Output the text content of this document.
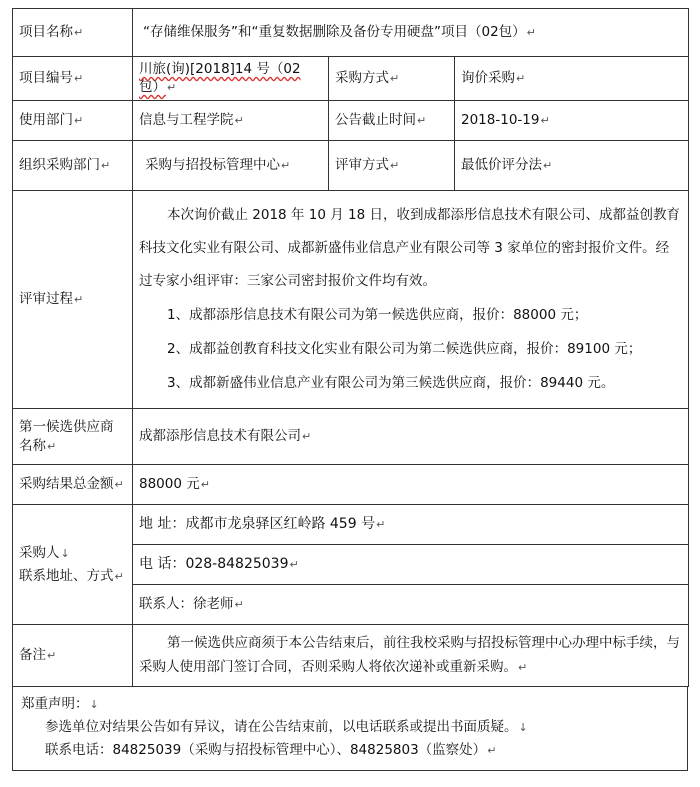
项目名称↵	“存储维保服务”和“重复数据删除及备份专用硬盘”项目（02包）↵		
项目编号↵	川旅(询)[2018]14 号（02 包）↵	采购方式↵	询价采购↵
使用部门↵	信息与工程学院↵	公告截止时间↵	2018-10-19↵
组织采购部门↵	采购与招投标管理中心↵	评审方式↵	最低价评分法↵
评审过程↵	本次询价截止 2018 年 10 月 18 日，收到成都添彤信息技术有限公司、成都益创教育科技文化实业有限公司、成都新盛伟业信息产业有限公司等 3 家单位的密封报价文件。经过专家小组评审：三家公司密封报价文件均有效。

1、成都添彤信息技术有限公司为第一候选供应商，报价：88000 元；

2、成都益创教育科技文化实业有限公司为第二候选供应商，报价：89100 元；

3、成都新盛伟业信息产业有限公司为第三候选供应商，报价：89440 元。		

第一候选供应商名称↵	成都添彤信息技术有限公司↵		
采购结果总金额↵	88000 元↵		
采购人↓
联系地址、方式↵	地 址：成都市龙泉驿区红岭路 459 号↵		
	电 话：028-84825039↵		
	联系人：徐老师↵		
备注↵	第一候选供应商须于本公告结束后，前往我校采购与招投标管理中心办理中标手续，与采购人使用部门签订合同，否则采购人将依次递补或重新采购。↵		
郑重声明：↓
参选单位对结果公告如有异议，请在公告结束前，以电话联系或提出书面质疑。↓
联系电话：84825039（采购与招投标管理中心）、84825803（监察处）↵
